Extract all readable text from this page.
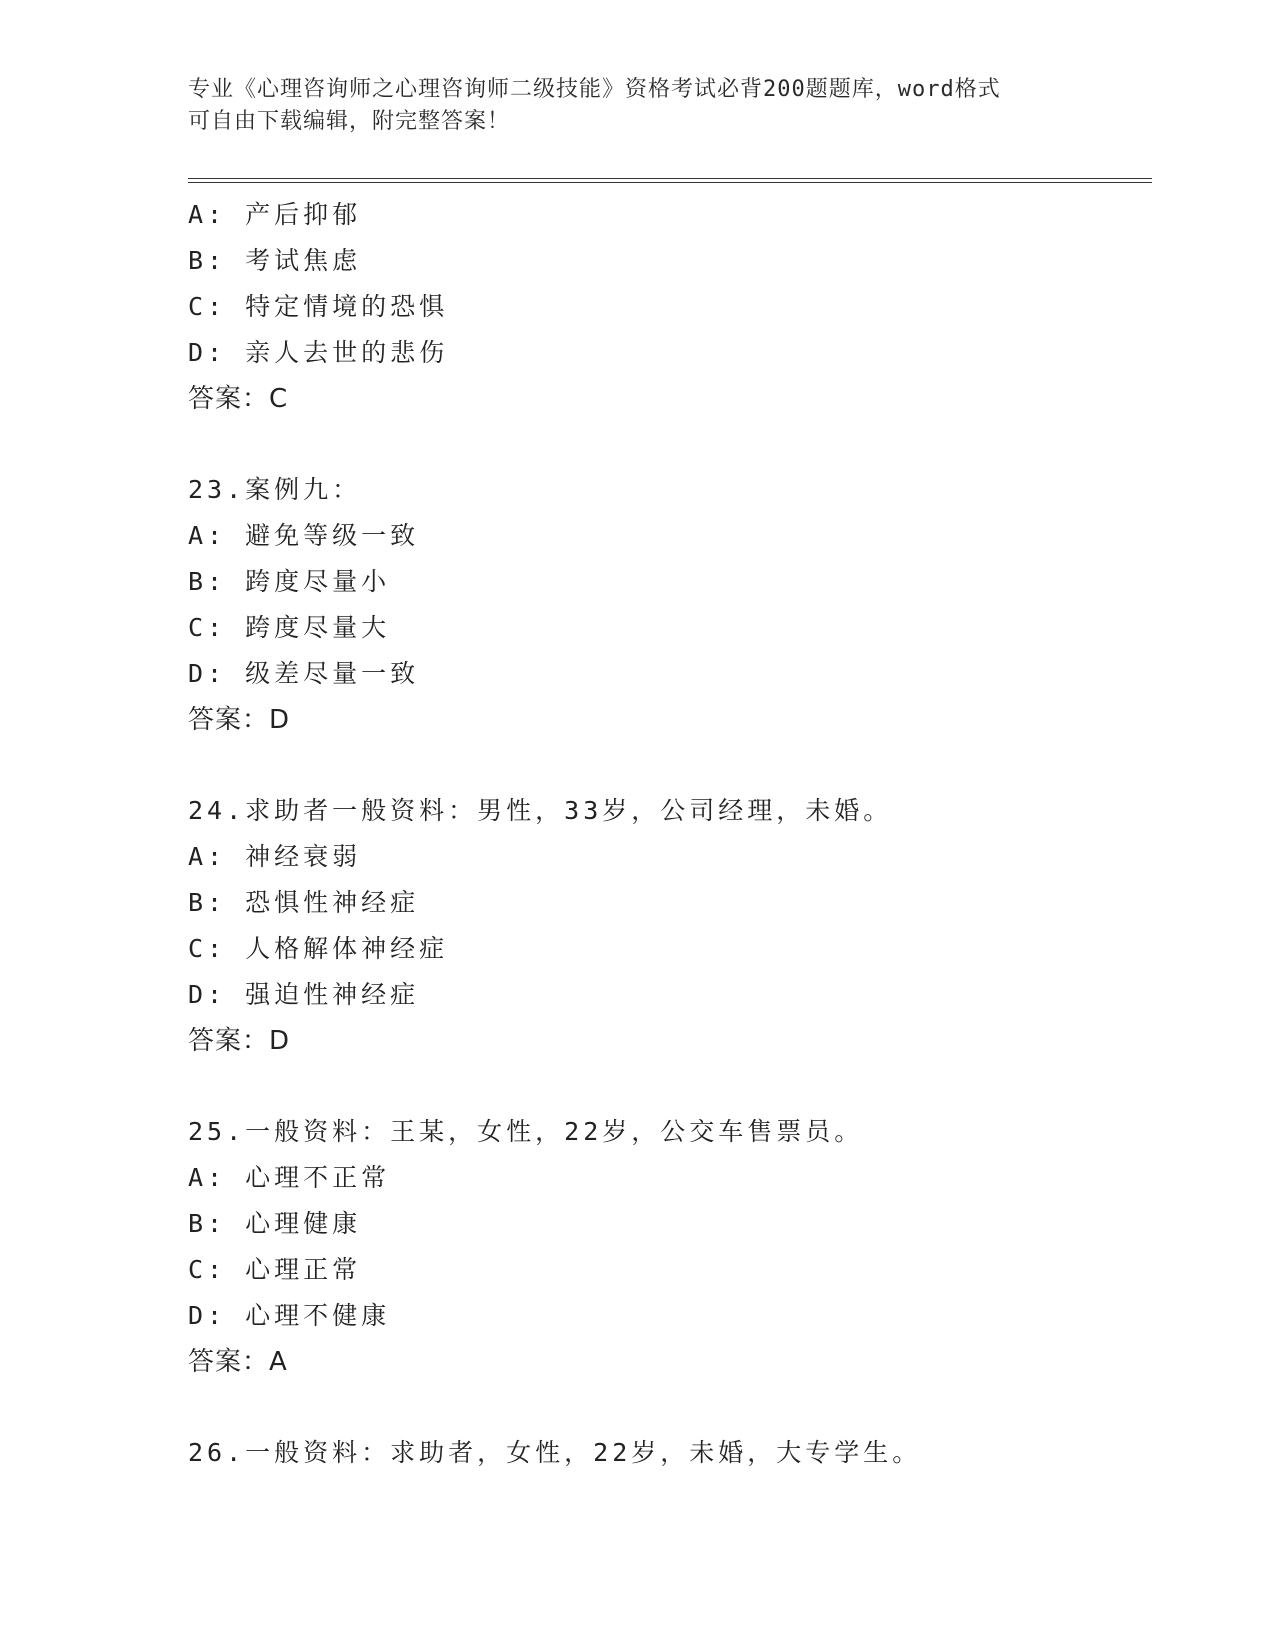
专业《心理咨询师之心理咨询师二级技能》资格考试必背200题题库，word格式
可自由下载编辑，附完整答案！
A: 产后抑郁
B: 考试焦虑
C: 特定情境的恐惧
D: 亲人去世的悲伤
答案：C
23.案例九：
A: 避免等级一致
B: 跨度尽量小
C: 跨度尽量大
D: 级差尽量一致
答案：D
24.求助者一般资料：男性，33岁，公司经理，未婚。
A: 神经衰弱
B: 恐惧性神经症
C: 人格解体神经症
D: 强迫性神经症
答案：D
25.一般资料：王某，女性，22岁，公交车售票员。
A: 心理不正常
B: 心理健康
C: 心理正常
D: 心理不健康
答案：A
26.一般资料：求助者，女性，22岁，未婚，大专学生。
